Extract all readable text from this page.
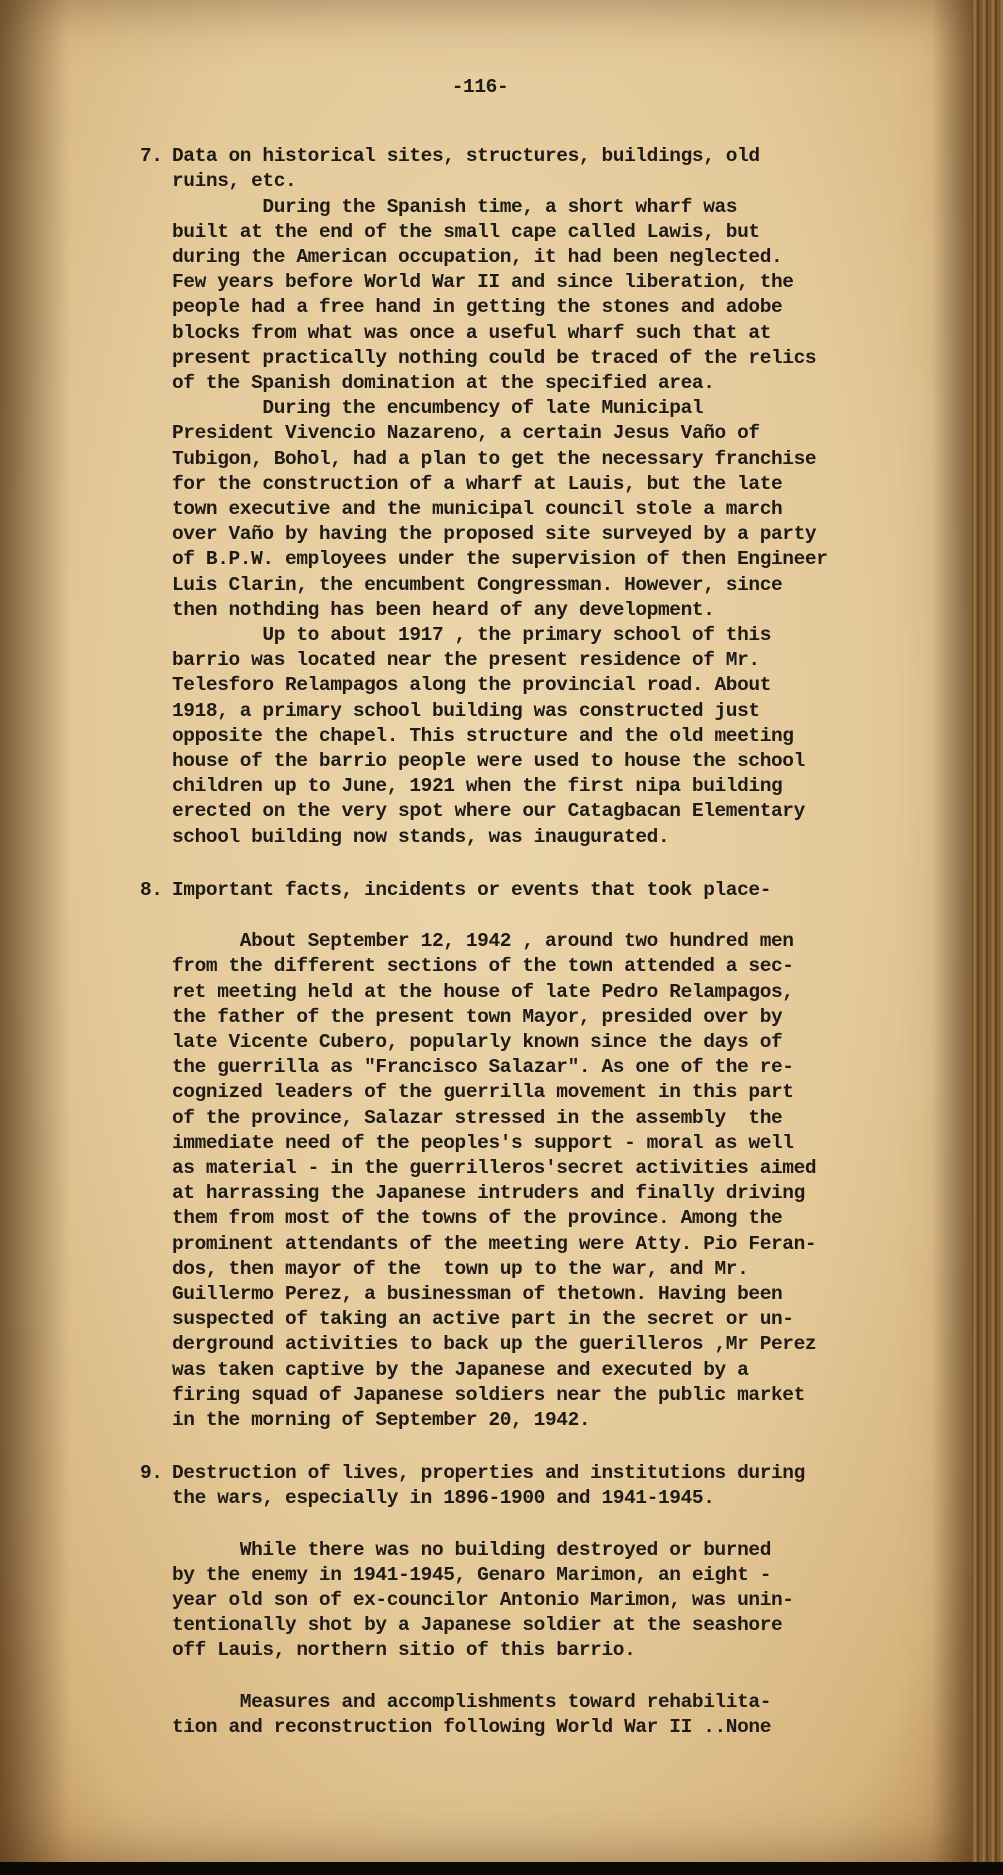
-116-
7. Data on historical sites, structures, buildings, old
ruins, etc.
During the Spanish time, a short wharf was
built at the end of the small cape called Lawis, but
during the American occupation, it had been neglected.
Few years before World War II and since liberation, the
people had a free hand in getting the stones and adobe
blocks from what was once a useful wharf such that at
present practically nothing could be traced of the relics
of the Spanish domination at the specified area.
During the encumbency of late Municipal
President Vivencio Nazareno, a certain Jesus Vaño of
Tubigon, Bohol, had a plan to get the necessary franchise
for the construction of a wharf at Lauis, but the late
town executive and the municipal council stole a march
over Vaño by having the proposed site surveyed by a party
of B.P.W. employees under the supervision of then Engineer
Luis Clarin, the encumbent Congressman. However, since
then nothding has been heard of any development.
Up to about 1917 , the primary school of this
barrio was located near the present residence of Mr.
Telesforo Relampagos along the provincial road. About
1918, a primary school building was constructed just
opposite the chapel. This structure and the old meeting
house of the barrio people were used to house the school
children up to June, 1921 when the first nipa building
erected on the very spot where our Catagbacan Elementary
school building now stands, was inaugurated.
8. Important facts, incidents or events that took place-
About September 12, 1942 , around two hundred men
from the different sections of the town attended a sec-
ret meeting held at the house of late Pedro Relampagos,
the father of the present town Mayor, presided over by
late Vicente Cubero, popularly known since the days of
the guerrilla as "Francisco Salazar". As one of the re-
cognized leaders of the guerrilla movement in this part
of the province, Salazar stressed in the assembly  the
immediate need of the peoples's support - moral as well
as material - in the guerrilleros'secret activities aimed
at harrassing the Japanese intruders and finally driving
them from most of the towns of the province. Among the
prominent attendants of the meeting were Atty. Pio Feran-
dos, then mayor of the  town up to the war, and Mr.
Guillermo Perez, a businessman of thetown. Having been
suspected of taking an active part in the secret or un-
derground activities to back up the guerilleros ,Mr Perez
was taken captive by the Japanese and executed by a
firing squad of Japanese soldiers near the public market
in the morning of September 20, 1942.
9. Destruction of lives, properties and institutions during
the wars, especially in 1896-1900 and 1941-1945.
While there was no building destroyed or burned
by the enemy in 1941-1945, Genaro Marimon, an eight -
year old son of ex-councilor Antonio Marimon, was unin-
tentionally shot by a Japanese soldier at the seashore
off Lauis, northern sitio of this barrio.
Measures and accomplishments toward rehabilita-
tion and reconstruction following World War II ..None
